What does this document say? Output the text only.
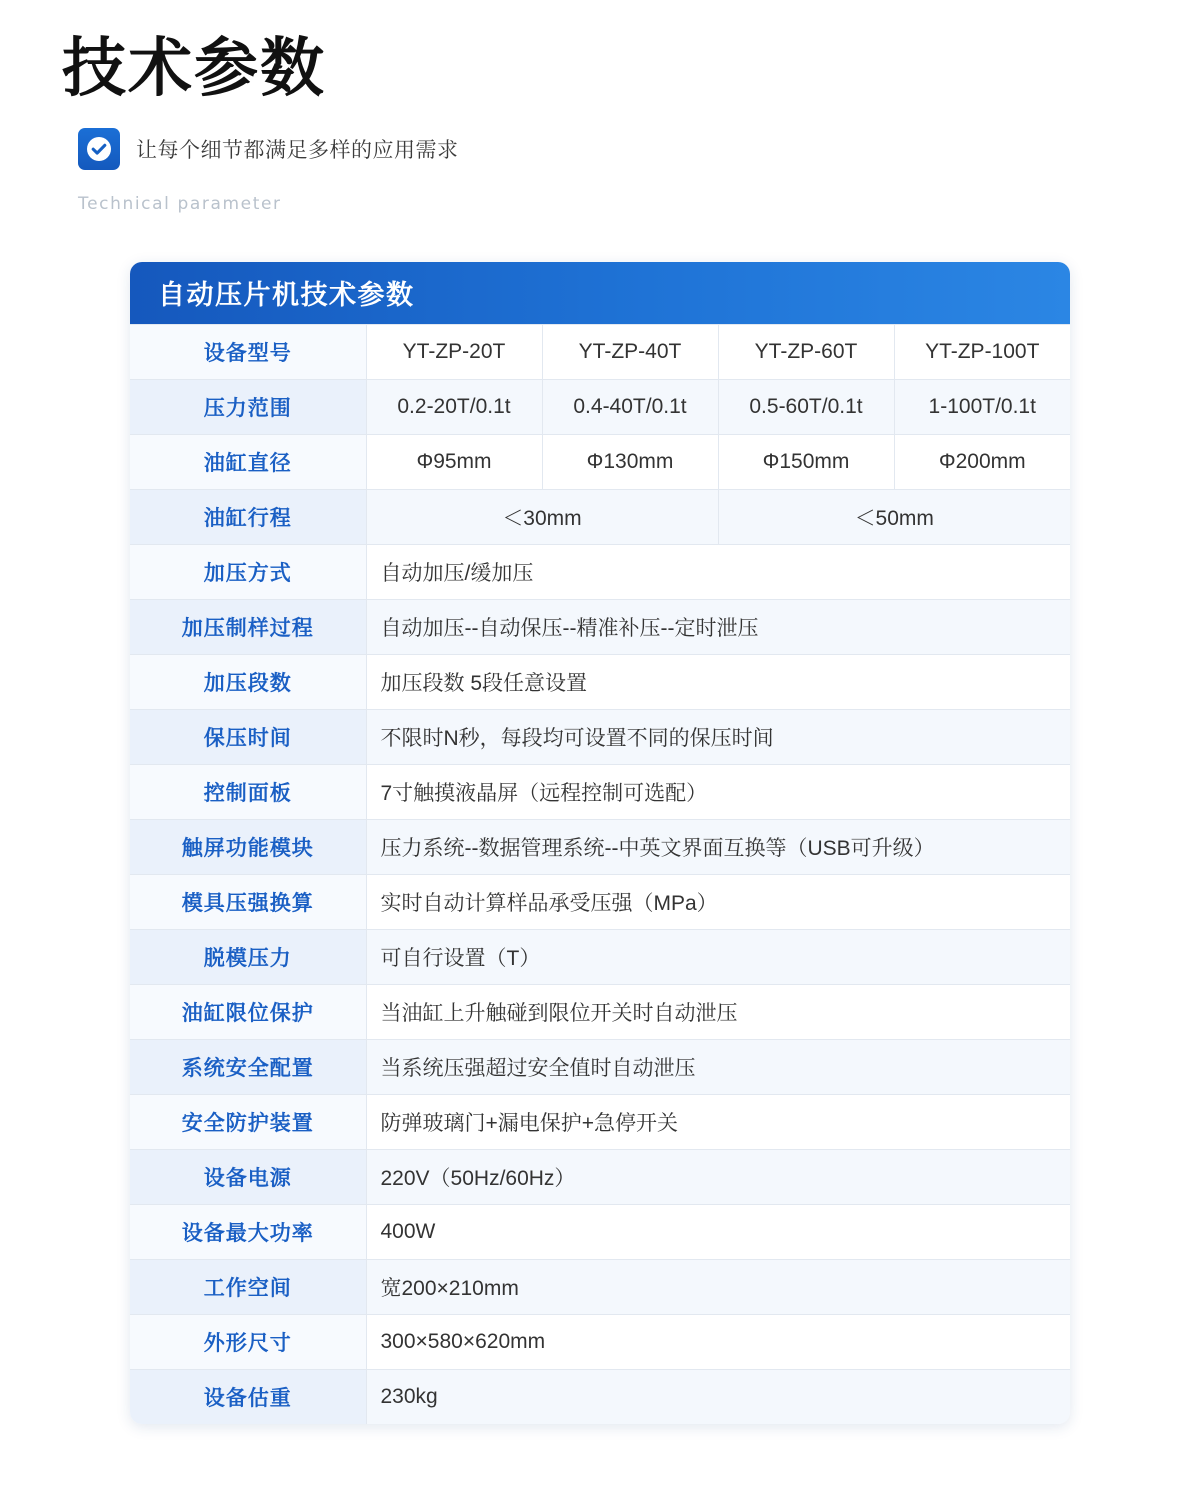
技术参数
让每个细节都满足多样的应用需求
Technical parameter
自动压片机技术参数
设备型号	YT-ZP-20T	YT-ZP-40T	YT-ZP-60T	YT-ZP-100T
压力范围	0.2-20T/0.1t	0.4-40T/0.1t	0.5-60T/0.1t	1-100T/0.1t
油缸直径	Φ95mm	Φ130mm	Φ150mm	Φ200mm
油缸行程	＜30mm		＜50mm	
加压方式	自动加压/缓加压			
加压制样过程	自动加压--自动保压--精准补压--定时泄压			
加压段数	加压段数 5段任意设置			
保压时间	不限时N秒，每段均可设置不同的保压时间			
控制面板	7寸触摸液晶屏（远程控制可选配）			
触屏功能模块	压力系统--数据管理系统--中英文界面互换等（USB可升级）			
模具压强换算	实时自动计算样品承受压强（MPa）			
脱模压力	可自行设置（T）			
油缸限位保护	当油缸上升触碰到限位开关时自动泄压			
系统安全配置	当系统压强超过安全值时自动泄压			
安全防护装置	防弹玻璃门+漏电保护+急停开关			
设备电源	220V（50Hz/60Hz）			
设备最大功率	400W			
工作空间	宽200×210mm			
外形尺寸	300×580×620mm			
设备估重	230kg			
